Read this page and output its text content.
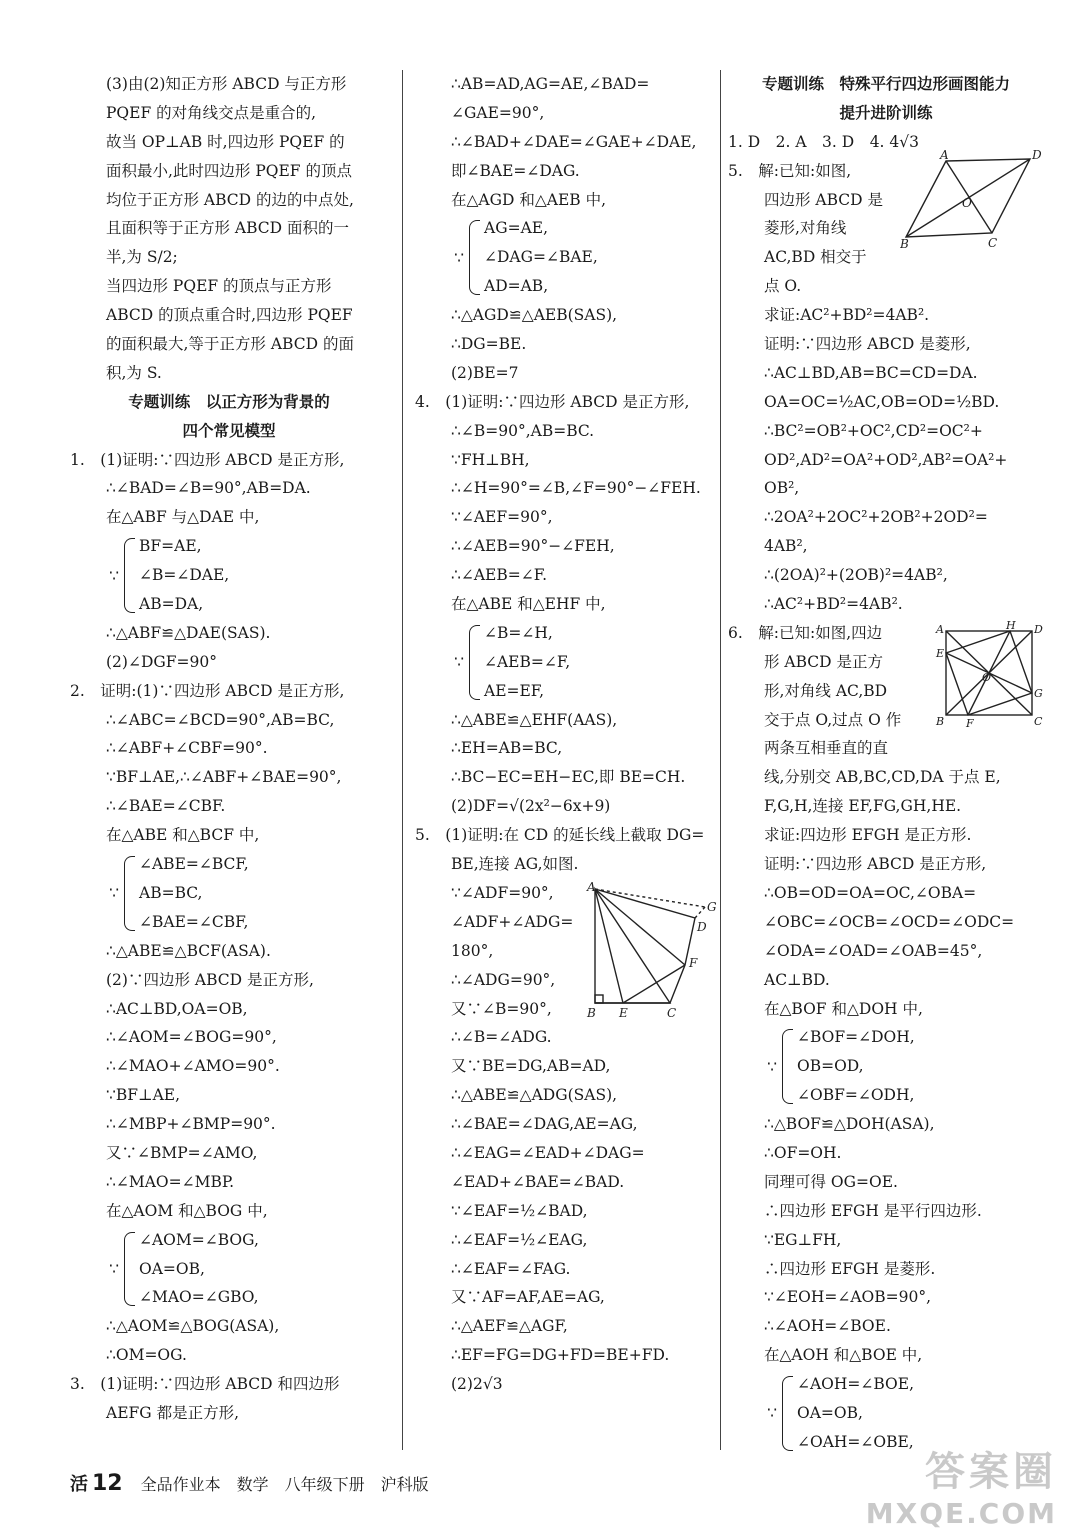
(3)由(2)知正方形 ABCD 与正方形
PQEF 的对角线交点是重合的,
故当 OP⊥AB 时,四边形 PQEF 的
面积最小,此时四边形 PQEF 的顶点
均位于正方形 ABCD 的边的中点处,
且面积等于正方形 ABCD 面积的一
半,为 S/2;
当四边形 PQEF 的顶点与正方形
ABCD 的顶点重合时,四边形 PQEF
的面积最大,等于正方形 ABCD 的面
积,为 S.
专题训练　以正方形为背景的
四个常见模型
1.　(1)证明:∵四边形 ABCD 是正方形,
∴∠BAD=∠B=90°,AB=DA.
在△ABF 与△DAE 中,
∵
BF=AE,
∠B=∠DAE,
AB=DA,
∴△ABF≌△DAE(SAS).
(2)∠DGF=90°
2.　证明:(1)∵四边形 ABCD 是正方形,
∴∠ABC=∠BCD=90°,AB=BC,
∴∠ABF+∠CBF=90°.
∵BF⊥AE,∴∠ABF+∠BAE=90°,
∴∠BAE=∠CBF.
在△ABE 和△BCF 中,
∵
∠ABE=∠BCF,
AB=BC,
∠BAE=∠CBF,
∴△ABE≌△BCF(ASA).
(2)∵四边形 ABCD 是正方形,
∴AC⊥BD,OA=OB,
∴∠AOM=∠BOG=90°,
∴∠MAO+∠AMO=90°.
∵BF⊥AE,
∴∠MBP+∠BMP=90°.
又∵∠BMP=∠AMO,
∴∠MAO=∠MBP.
在△AOM 和△BOG 中,
∵
∠AOM=∠BOG,
OA=OB,
∠MAO=∠GBO,
∴△AOM≌△BOG(ASA),
∴OM=OG.
3.　(1)证明:∵四边形 ABCD 和四边形
AEFG 都是正方形,
∴AB=AD,AG=AE,∠BAD=
∠GAE=90°,
∴∠BAD+∠DAE=∠GAE+∠DAE,
即∠BAE=∠DAG.
在△AGD 和△AEB 中,
∵
AG=AE,
∠DAG=∠BAE,
AD=AB,
∴△AGD≌△AEB(SAS),
∴DG=BE.
(2)BE=7
4.　(1)证明:∵四边形 ABCD 是正方形,
∴∠B=90°,AB=BC.
∵FH⊥BH,
∴∠H=90°=∠B,∠F=90°−∠FEH.
∵∠AEF=90°,
∴∠AEB=90°−∠FEH,
∴∠AEB=∠F.
在△ABE 和△EHF 中,
∵
∠B=∠H,
∠AEB=∠F,
AE=EF,
∴△ABE≌△EHF(AAS),
∴EH=AB=BC,
∴BC−EC=EH−EC,即 BE=CH.
(2)DF=√(2x²−6x+9)
5.　(1)证明:在 CD 的延长线上截取 DG=
BE,连接 AG,如图.
∵∠ADF=90°,
∠ADF+∠ADG=
180°,
∴∠ADG=90°,
又∵∠B=90°,
A
B E	C
F
D
G
∴∠B=∠ADG.
又∵BE=DG,AB=AD,
∴△ABE≌△ADG(SAS),
∴∠BAE=∠DAG,AE=AG,
∴∠EAG=∠EAD+∠DAG=
∠EAD+∠BAE=∠BAD.
∵∠EAF=½∠BAD,
∴∠EAF=½∠EAG,
∴∠EAF=∠FAG.
又∵AF=AF,AE=AG,
∴△AEF≌△AGF,
∴EF=FG=DG+FD=BE+FD.
(2)2√3
专题训练　特殊平行四边形画图能力
提升进阶训练
1. D　2. A　3. D　4. 4√3
5.　解:已知:如图,
四边形 ABCD 是
菱形,对角线
AC,BD 相交于
点 O.
A	D
O
B	C
求证:AC²+BD²=4AB².
证明:∵四边形 ABCD 是菱形,
∴AC⊥BD,AB=BC=CD=DA.
OA=OC=½AC,OB=OD=½BD.
∴BC²=OB²+OC²,CD²=OC²+
OD²,AD²=OA²+OD²,AB²=OA²+
OB²,
∴2OA²+2OC²+2OB²+2OD²=
4AB²,
∴(2OA)²+(2OB)²=4AB²,
∴AC²+BD²=4AB².
6.　解:已知:如图,四边
形 ABCD 是正方
形,对角线 AC,BD
交于点 O,过点 O 作
两条互相垂直的直
A	H D
E
G
O
B F	C
线,分别交 AB,BC,CD,DA 于点 E,
F,G,H,连接 EF,FG,GH,HE.
求证:四边形 EFGH 是正方形.
证明:∵四边形 ABCD 是正方形,
∴OB=OD=OA=OC,∠OBA=
∠OBC=∠OCB=∠OCD=∠ODC=
∠ODA=∠OAD=∠OAB=45°,
AC⊥BD.
在△BOF 和△DOH 中,
∵
∠BOF=∠DOH,
OB=OD,
∠OBF=∠ODH,
∴△BOF≌△DOH(ASA),
∴OF=OH.
同理可得 OG=OE.
∴四边形 EFGH 是平行四边形.
∵EG⊥FH,
∴四边形 EFGH 是菱形.
∵∠EOH=∠AOB=90°,
∴∠AOH=∠BOE.
在△AOH 和△BOE 中,
∵
∠AOH=∠BOE,
OA=OB,
∠OAH=∠OBE,
活 12 全品作业本 数学 八年级下册 沪科版	答案圈
MXQE.COM
